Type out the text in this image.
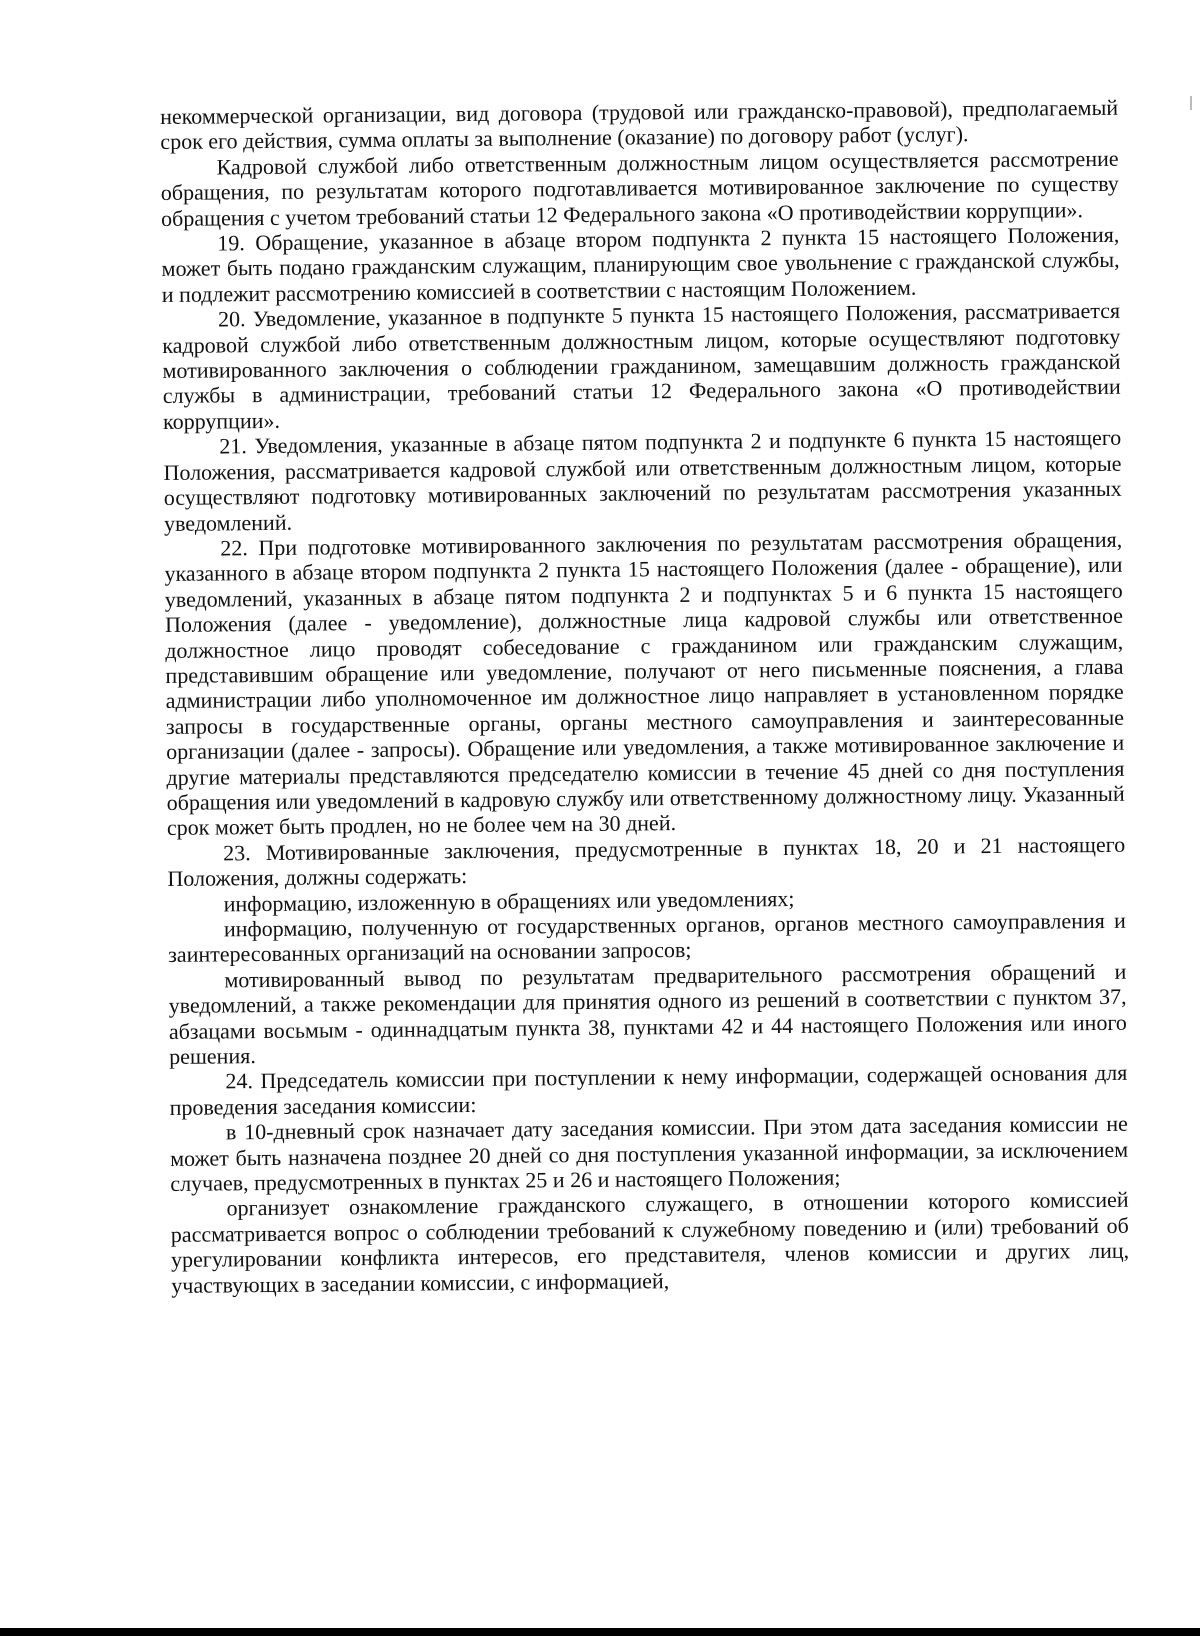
некоммерческой организации, вид договора (трудовой или гражданско-правовой), предполагаемый срок его действия, сумма оплаты за выполнение (оказание) по договору работ (услуг).

Кадровой службой либо ответственным должностным лицом осуществляется рассмотрение обращения, по результатам которого подготавливается мотивированное заключение по существу обращения с учетом требований статьи 12 Федерального закона «О противодействии коррупции».

19. Обращение, указанное в абзаце втором подпункта 2 пункта 15 настоящего Положения, может быть подано гражданским служащим, планирующим свое увольнение с гражданской службы, и подлежит рассмотрению комиссией в соответствии с настоящим Положением.

20. Уведомление, указанное в подпункте 5 пункта 15 настоящего Положения, рассматривается кадровой службой либо ответственным должностным лицом, которые осуществляют подготовку мотивированного заключения о соблюдении гражданином, замещавшим должность гражданской службы в администрации, требований статьи 12 Федерального закона «О противодействии коррупции».

21. Уведомления, указанные в абзаце пятом подпункта 2 и подпункте 6 пункта 15 настоящего Положения, рассматривается кадровой службой или ответственным должностным лицом, которые осуществляют подготовку мотивированных заключений по результатам рассмотрения указанных уведомлений.

22. При подготовке мотивированного заключения по результатам рассмотрения обращения, указанного в абзаце втором подпункта 2 пункта 15 настоящего Положения (далее - обращение), или уведомлений, указанных в абзаце пятом подпункта 2 и подпунктах 5 и 6 пункта 15 настоящего Положения (далее - уведомление), должностные лица кадровой службы или ответственное должностное лицо проводят собеседование с гражданином или гражданским служащим, представившим обращение или уведомление, получают от него письменные пояснения, а глава администрации либо уполномоченное им должностное лицо направляет в установленном порядке запросы в государственные органы, органы местного самоуправления и заинтересованные организации (далее - запросы). Обращение или уведомления, а также мотивированное заключение и другие материалы представляются председателю комиссии в течение 45 дней со дня поступления обращения или уведомлений в кадровую службу или ответственному должностному лицу. Указанный срок может быть продлен, но не более чем на 30 дней.

23. Мотивированные заключения, предусмотренные в пунктах 18, 20 и 21 настоящего Положения, должны содержать:

информацию, изложенную в обращениях или уведомлениях;

информацию, полученную от государственных органов, органов местного самоуправления и заинтересованных организаций на основании запросов;

мотивированный вывод по результатам предварительного рассмотрения обращений и уведомлений, а также рекомендации для принятия одного из решений в соответствии с пунктом 37, абзацами восьмым - одиннадцатым пункта 38, пунктами 42 и 44 настоящего Положения или иного решения.

24. Председатель комиссии при поступлении к нему информации, содержащей основания для проведения заседания комиссии:

в 10-дневный срок назначает дату заседания комиссии. При этом дата заседания комиссии не может быть назначена позднее 20 дней со дня поступления указанной информации, за исключением случаев, предусмотренных в пунктах 25 и 26 и настоящего Положения;

организует ознакомление гражданского служащего, в отношении которого комиссией рассматривается вопрос о соблюдении требований к служебному поведению и (или) требований об урегулировании конфликта интересов, его представителя, членов комиссии и других лиц, участвующих в заседании комиссии, с информацией,
